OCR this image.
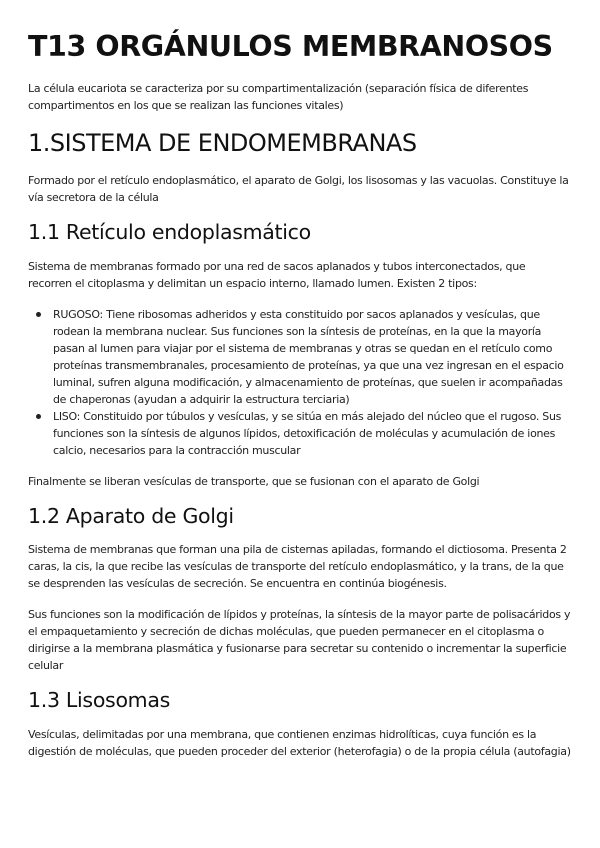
T13 ORGÁNULOS MEMBRANOSOS

La célula eucariota se caracteriza por su compartimentalización (separación física de diferentes compartimentos en los que se realizan las funciones vitales)

1.SISTEMA DE ENDOMEMBRANAS

Formado por el retículo endoplasmático, el aparato de Golgi, los lisosomas y las vacuolas. Constituye la vía secretora de la célula

1.1 Retículo endoplasmático

Sistema de membranas formado por una red de sacos aplanados y tubos interconectados, que recorren el citoplasma y delimitan un espacio interno, llamado lumen. Existen 2 tipos:

RUGOSO: Tiene ribosomas adheridos y esta constituido por sacos aplanados y vesículas, que rodean la membrana nuclear. Sus funciones son la síntesis de proteínas, en la que la mayoría pasan al lumen para viajar por el sistema de membranas y otras se quedan en el retículo como proteínas transmembranales, procesamiento de proteínas, ya que una vez ingresan en el espacio luminal, sufren alguna modificación, y almacenamiento de proteínas, que suelen ir acompañadas de chaperonas (ayudan a adquirir la estructura terciaria)
LISO: Constituido por túbulos y vesículas, y se sitúa en más alejado del núcleo que el rugoso. Sus funciones son la síntesis de algunos lípidos, detoxificación de moléculas y acumulación de iones calcio, necesarios para la contracción muscular

Finalmente se liberan vesículas de transporte, que se fusionan con el aparato de Golgi

1.2 Aparato de Golgi

Sistema de membranas que forman una pila de cisternas apiladas, formando el dictiosoma. Presenta 2 caras, la cis, la que recibe las vesículas de transporte del retículo endoplasmático, y la trans, de la que se desprenden las vesículas de secreción. Se encuentra en continúa biogénesis.

Sus funciones son la modificación de lípidos y proteínas, la síntesis de la mayor parte de polisacáridos y el empaquetamiento y secreción de dichas moléculas, que pueden permanecer en el citoplasma o dirigirse a la membrana plasmática y fusionarse para secretar su contenido o incrementar la superficie celular

1.3 Lisosomas

Vesículas, delimitadas por una membrana, que contienen enzimas hidrolíticas, cuya función es la digestión de moléculas, que pueden proceder del exterior (heterofagia) o de la propia célula (autofagia)
